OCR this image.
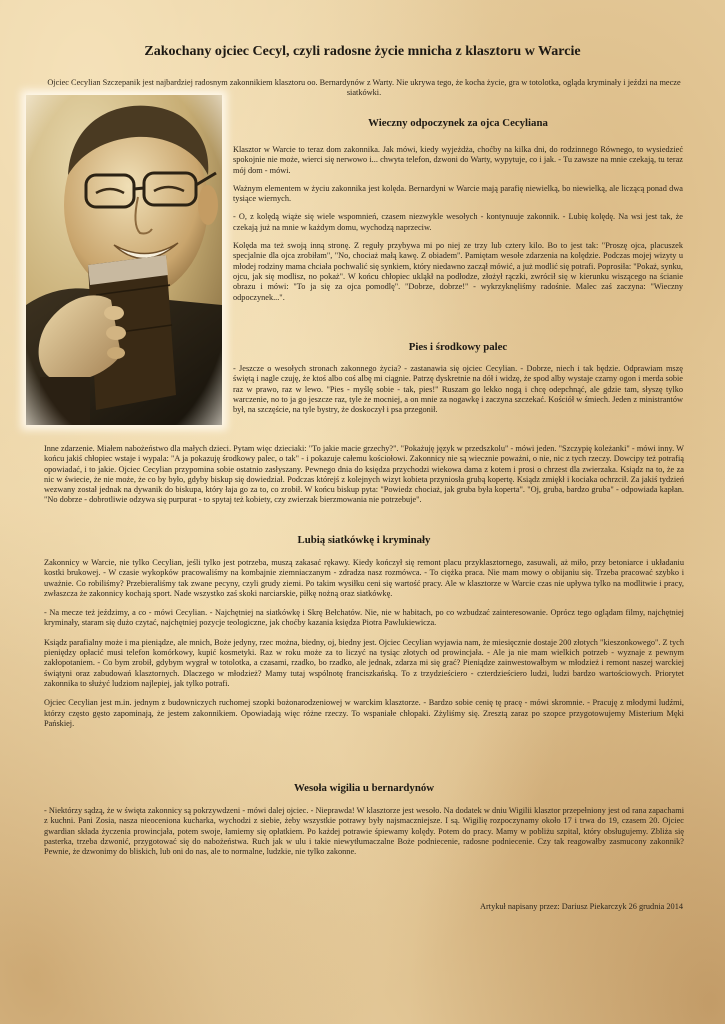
Zakochany ojciec Cecyl, czyli radosne życie mnicha z klasztoru w Warcie

Ojciec Cecylian Szczepanik jest najbardziej radosnym zakonnikiem klasztoru oo. Bernardynów z Warty. Nie ukrywa tego, że kocha życie, gra w totolotka, ogląda kryminały i jeździ na mecze siatkówki.

Wieczny odpoczynek za ojca Cecyliana

Klasztor w Warcie to teraz dom zakonnika. Jak mówi, kiedy wyjeżdża, choćby na kilka dni, do rodzinnego Równego, to wysiedzieć spokojnie nie może, wierci się nerwowo i... chwyta telefon, dzwoni do Warty, wypytuje, co i jak. - Tu zawsze na mnie czekają, tu teraz mój dom - mówi.

Ważnym elementem w życiu zakonnika jest kolęda. Bernardyni w Warcie mają parafię niewielką, bo niewielką, ale liczącą ponad dwa tysiące wiernych.

- O, z kolędą wiąże się wiele wspomnień, czasem niezwykle wesołych - kontynuuje zakonnik. - Lubię kolędę. Na wsi jest tak, że czekają już na mnie w każdym domu, wychodzą naprzeciw.

Kolęda ma też swoją inną stronę. Z reguły przybywa mi po niej ze trzy lub cztery kilo. Bo to jest tak: "Proszę ojca, placuszek specjalnie dla ojca zrobiłam", "No, chociaż małą kawę. Z obiadem". Pamiętam wesołe zdarzenia na kolędzie. Podczas mojej wizyty u młodej rodziny mama chciała pochwalić się synkiem, który niedawno zaczął mówić, a już modlić się potrafi. Poprosiła: "Pokaż, synku, ojcu, jak się modlisz, no pokaż". W końcu chłopiec ukląkł na podłodze, złożył rączki, zwrócił się w kierunku wiszącego na ścianie obrazu i mówi: "To ja się za ojca pomodlę". "Dobrze, dobrze!" - wykrzyknęliśmy radośnie. Malec zaś zaczyna: "Wieczny odpoczynek...".

Pies i środkowy palec

- Jeszcze o wesołych stronach zakonnego życia? - zastanawia się ojciec Cecylian. - Dobrze, niech i tak będzie. Odprawiam mszę świętą i nagle czuję, że ktoś albo coś albę mi ciągnie. Patrzę dyskretnie na dół i widzę, że spod alby wystaje czarny ogon i merda sobie raz w prawo, raz w lewo. "Pies - myślę sobie - tak, pies!" Ruszam go lekko nogą i chcę odepchnąć, ale gdzie tam, słyszę tylko warczenie, no to ja go jeszcze raz, tyle że mocniej, a on mnie za nogawkę i zaczyna szczekać. Kościół w śmiech. Jeden z ministrantów był, na szczęście, na tyle bystry, że doskoczył i psa przegonił.

Inne zdarzenie. Miałem nabożeństwo dla małych dzieci. Pytam więc dzieciaki: "To jakie macie grzechy?". "Pokażuję język w przedszkolu" - mówi jeden. "Szczypię koleżanki" - mówi inny. W końcu jakiś chłopiec wstaje i wypala: "A ja pokazuję środkowy palec, o tak" - i pokazuje całemu kościołowi. Zakonnicy nie są wiecznie poważni, o nie, nic z tych rzeczy. Dowcipy też potrafią opowiadać, i to jakie. Ojciec Cecylian przypomina sobie ostatnio zasłyszany. Pewnego dnia do księdza przychodzi wiekowa dama z kotem i prosi o chrzest dla zwierzaka. Ksiądz na to, że za nic w świecie, że nie może, że co by było, gdyby biskup się dowiedział. Podczas którejś z kolejnych wizyt kobieta przyniosła grubą kopertę. Ksiądz zmiękł i kociaka ochrzcił. Za jakiś tydzień wezwany został jednak na dywanik do biskupa, który łaja go za to, co zrobił. W końcu biskup pyta: "Powiedz chociaż, jak gruba była koperta". "Oj, gruba, bardzo gruba" - odpowiada kapłan. "No dobrze - dobrotliwie odzywa się purpurat - to spytaj też kobiety, czy zwierzak bierzmowania nie potrzebuje".

Lubią siatkówkę i kryminały

Zakonnicy w Warcie, nie tylko Cecylian, jeśli tylko jest potrzeba, muszą zakasać rękawy. Kiedy kończył się remont placu przyklasztornego, zasuwali, aż miło, przy betoniarce i układaniu kostki brukowej. - W czasie wykopków pracowaliśmy na kombajnie ziemniaczanym - zdradza nasz rozmówca. - To ciężka praca. Nie mam mowy o obijaniu się. Trzeba pracować szybko i uważnie. Co robiliśmy? Przebieraliśmy tak zwane pecyny, czyli grudy ziemi. Po takim wysiłku ceni się wartość pracy. Ale w klasztorze w Warcie czas nie upływa tylko na modlitwie i pracy, zwłaszcza że zakonnicy kochają sport. Nade wszystko zaś skoki narciarskie, piłkę nożną oraz siatkówkę.

- Na mecze też jeździmy, a co - mówi Cecylian. - Najchętniej na siatkówkę i Skrę Bełchatów. Nie, nie w habitach, po co wzbudzać zainteresowanie. Oprócz tego oglądam filmy, najchętniej kryminały, staram się dużo czytać, najchętniej pozycje teologiczne, jak choćby kazania księdza Piotra Pawlukiewicza.

Ksiądz parafialny może i ma pieniądze, ale mnich, Boże jedyny, rzec można, biedny, oj, biedny jest. Ojciec Cecylian wyjawia nam, że miesięcznie dostaje 200 złotych "kieszonkowego". Z tych pieniędzy opłacić musi telefon komórkowy, kupić kosmetyki. Raz w roku może za to liczyć na tysiąc złotych od prowincjała. - Ale ja nie mam wielkich potrzeb - wyznaje z pewnym zakłopotaniem. - Co bym zrobił, gdybym wygrał w totolotka, a czasami, rzadko, bo rzadko, ale jednak, zdarza mi się grać? Pieniądze zainwestowałbym w młodzież i remont naszej warckiej świątyni oraz zabudowań klasztornych. Dlaczego w młodzież? Mamy tutaj wspólnotę franciszkańską. To z trzydzieściero - czterdzieściero ludzi, ludzi bardzo wartościowych. Priorytet zakonnika to służyć ludziom najlepiej, jak tylko potrafi.

Ojciec Cecylian jest m.in. jednym z budowniczych ruchomej szopki bożonarodzeniowej w warckim klasztorze. - Bardzo sobie cenię tę pracę - mówi skromnie. - Pracuję z młodymi ludźmi, którzy często gęsto zapominają, że jestem zakonnikiem. Opowiadają więc różne rzeczy. To wspaniałe chłopaki. Zżyliśmy się. Zresztą zaraz po szopce przygotowujemy Misterium Męki Pańskiej.

Wesoła wigilia u bernardynów

- Niektórzy sądzą, że w święta zakonnicy są pokrzywdzeni - mówi dalej ojciec. - Nieprawda! W klasztorze jest wesoło. Na dodatek w dniu Wigilii klasztor przepełniony jest od rana zapachami z kuchni. Pani Zosia, nasza nieoceniona kucharka, wychodzi z siebie, żeby wszystkie potrawy były najsmaczniejsze. I są. Wigilię rozpoczynamy około 17 i trwa do 19, czasem 20. Ojciec gwardian składa życzenia prowincjała, potem swoje, łamiemy się opłatkiem. Po każdej potrawie śpiewamy kolędy. Potem do pracy. Mamy w pobliżu szpital, który obsługujemy. Zbliża się pasterka, trzeba dzwonić, przygotować się do nabożeństwa. Ruch jak w ulu i takie niewytłumaczalne Boże podniecenie, radosne podniecenie. Czy tak reagowałby zasmucony zakonnik? Pewnie, że dzwonimy do bliskich, lub oni do nas, ale to normalne, ludzkie, nie tylko zakonne.

Artykuł napisany przez: Dariusz Piekarczyk 26 grudnia 2014
